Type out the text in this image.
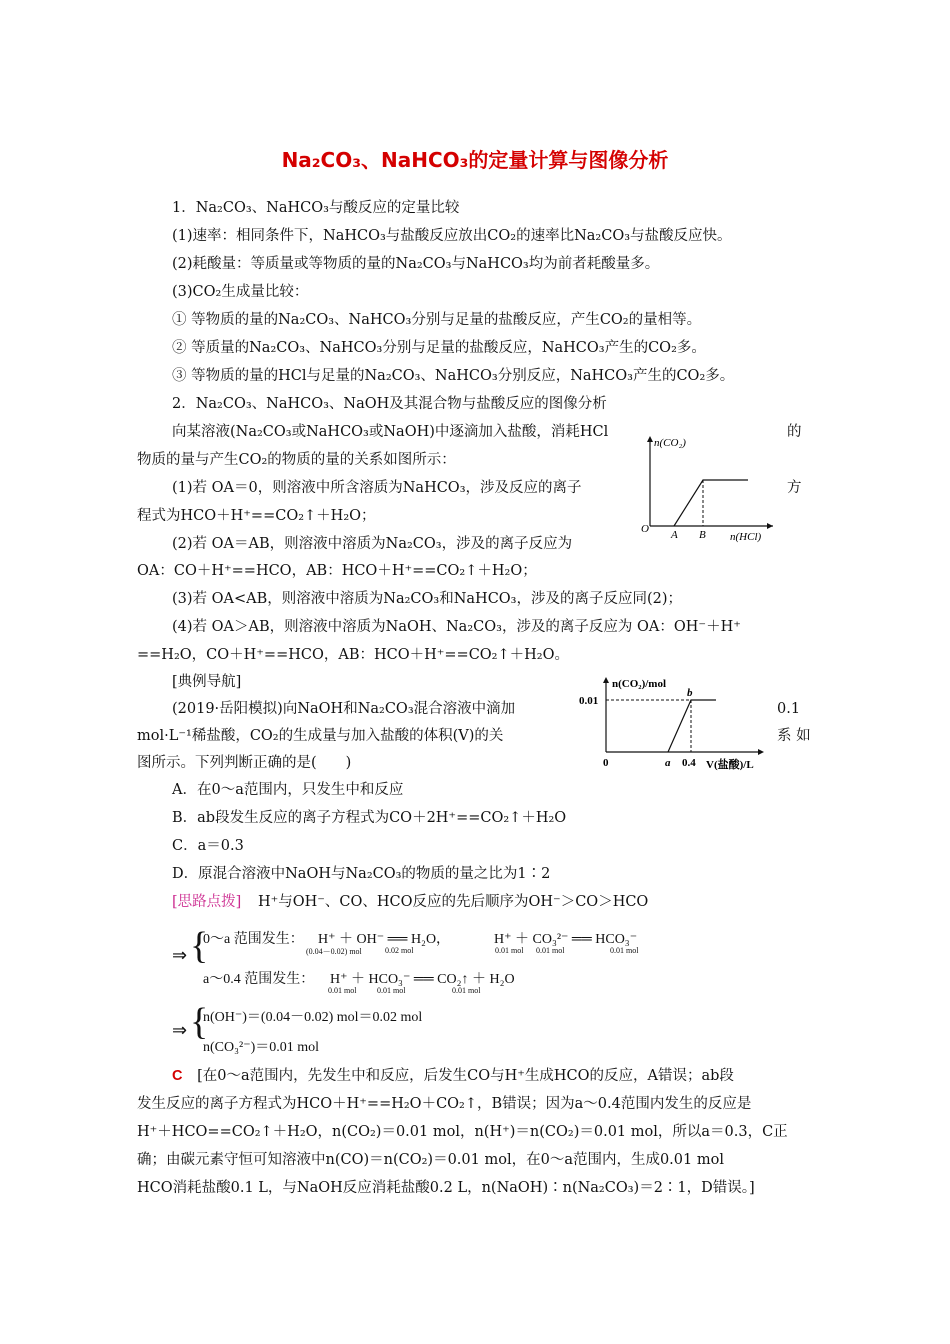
Na₂CO₃、NaHCO₃的定量计算与图像分析
1．Na₂CO₃、NaHCO₃与酸反应的定量比较
(1)速率：相同条件下，NaHCO₃与盐酸反应放出CO₂的速率比Na₂CO₃与盐酸反应快。
(2)耗酸量：等质量或等物质的量的Na₂CO₃与NaHCO₃均为前者耗酸量多。
(3)CO₂生成量比较：
① 等物质的量的Na₂CO₃、NaHCO₃分别与足量的盐酸反应，产生CO₂的量相等。
② 等质量的Na₂CO₃、NaHCO₃分别与足量的盐酸反应，NaHCO₃产生的CO₂多。
③ 等物质的量的HCl与足量的Na₂CO₃、NaHCO₃分别反应，NaHCO₃产生的CO₂多。
2．Na₂CO₃、NaHCO₃、NaOH及其混合物与盐酸反应的图像分析
向某溶液(Na₂CO₃或NaHCO₃或NaOH)中逐滴加入盐酸，消耗HCl	的
物质的量与产生CO₂的物质的量的关系如图所示：
(1)若 OA＝0，则溶液中所含溶质为NaHCO₃，涉及反应的离子	方
程式为HCO＋H⁺==CO₂↑＋H₂O；
(2)若 OA＝AB，则溶液中溶质为Na₂CO₃，涉及的离子反应为
OA：CO＋H⁺==HCO，AB：HCO＋H⁺==CO₂↑＋H₂O；
(3)若 OA<AB，则溶液中溶质为Na₂CO₃和NaHCO₃，涉及的离子反应同(2)；
(4)若 OA＞AB，则溶液中溶质为NaOH、Na₂CO₃，涉及的离子反应为 OA：OH⁻＋H⁺
==H₂O，CO＋H⁺==HCO，AB：HCO＋H⁺==CO₂↑＋H₂O。
n(CO₂)
O A B n(HCl)
[典例导航]
(2019·岳阳模拟)向NaOH和Na₂CO₃混合溶液中滴加	0.1
mol·L⁻¹稀盐酸，CO₂的生成量与加入盐酸的体积(V)的关	系 如
图所示。下列判断正确的是(　　)
n(CO₂)/mol
0.01
b
0	a 0.4 V(盐酸)/L
A．在0～a范围内，只发生中和反应
B．ab段发生反应的离子方程式为CO＋2H⁺==CO₂↑＋H₂O
C．a＝0.3
D．原混合溶液中NaOH与Na₂CO₃的物质的量之比为1∶2
[思路点拨] H⁺与OH⁻、CO、HCO反应的先后顺序为OH⁻＞CO＞HCO
⇒ {
0～a 范围发生： H⁺ ＋ OH⁻ ══ H₂O，
(0.04－0.02) mol	0.02 mol
H⁺ ＋ CO₃²⁻ ══ HCO₃⁻
0.01 mol 0.01 mol	0.01 mol
a～0.4 范围发生： H⁺ ＋ HCO₃⁻ ══ CO₂↑ ＋ H₂O
0.01 mol	0.01 mol	0.01 mol
⇒ {
n(OH⁻)＝(0.04－0.02) mol＝0.02 mol
n(CO₃²⁻)＝0.01 mol
C [在0～a范围内，先发生中和反应，后发生CO与H⁺生成HCO的反应，A错误；ab段
发生反应的离子方程式为HCO＋H⁺==H₂O＋CO₂↑，B错误；因为a～0.4范围内发生的反应是
H⁺＋HCO==CO₂↑＋H₂O，n(CO₂)＝0.01 mol，n(H⁺)＝n(CO₂)＝0.01 mol，所以a＝0.3，C正
确；由碳元素守恒可知溶液中n(CO)＝n(CO₂)＝0.01 mol，在0～a范围内，生成0.01 mol
HCO消耗盐酸0.1 L，与NaOH反应消耗盐酸0.2 L，n(NaOH)∶n(Na₂CO₃)＝2∶1，D错误。]
